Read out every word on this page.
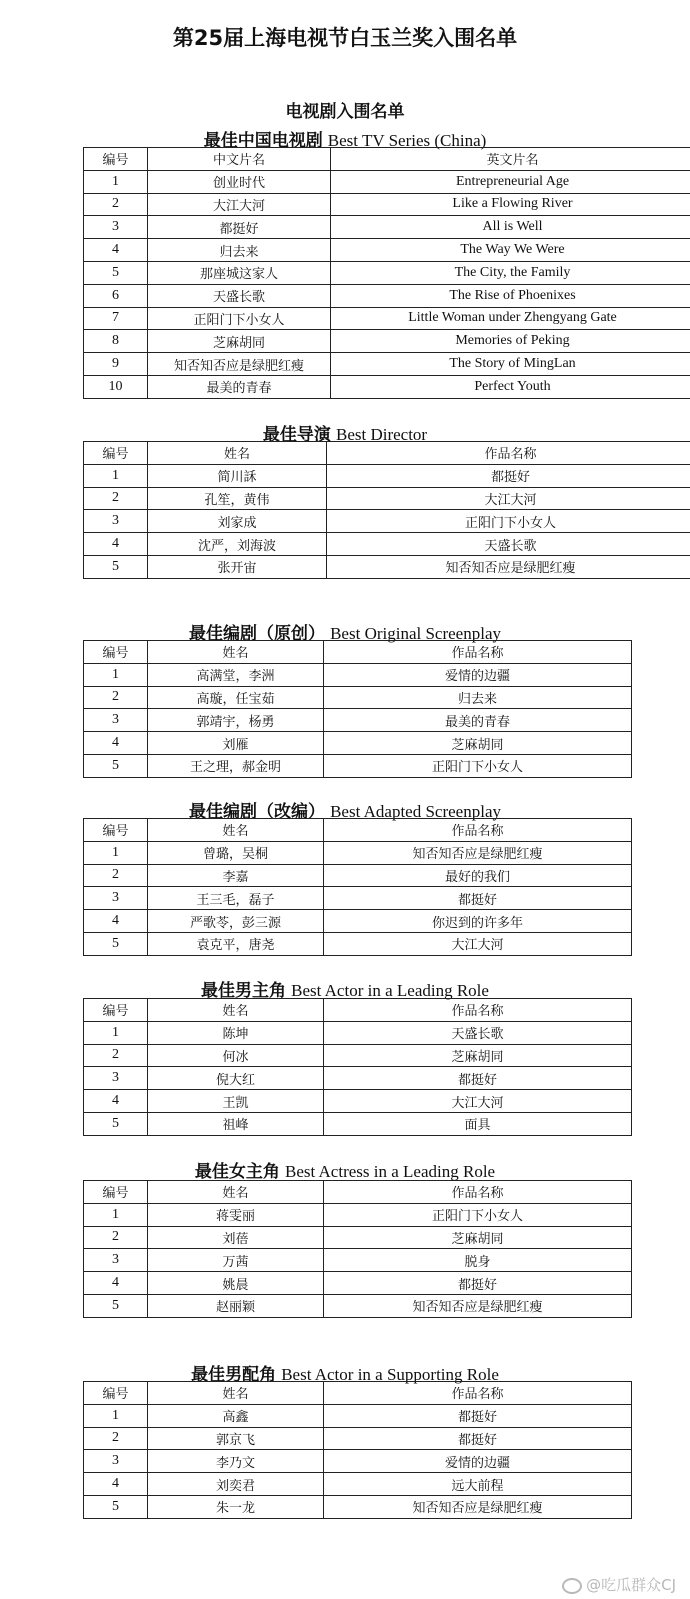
第25届上海电视节白玉兰奖入围名单
电视剧入围名单
最佳中国电视剧 Best TV Series (China)
编号	中文片名	英文片名
1	创业时代	Entrepreneurial Age
2	大江大河	Like a Flowing River
3	都挺好	All is Well
4	归去来	The Way We Were
5	那座城这家人	The City, the Family
6	天盛长歌	The Rise of Phoenixes
7	正阳门下小女人	Little Woman under Zhengyang Gate
8	芝麻胡同	Memories of Peking
9	知否知否应是绿肥红瘦	The Story of MingLan
10	最美的青春	Perfect Youth
最佳导演 Best Director
编号	姓名	作品名称
1	简川訸	都挺好
2	孔笙，黄伟	大江大河
3	刘家成	正阳门下小女人
4	沈严，刘海波	天盛长歌
5	张开宙	知否知否应是绿肥红瘦
最佳编剧（原创） Best Original Screenplay
编号	姓名	作品名称
1	高满堂，李洲	爱情的边疆
2	高璇，任宝茹	归去来
3	郭靖宇，杨勇	最美的青春
4	刘雁	芝麻胡同
5	王之理，郝金明	正阳门下小女人
最佳编剧（改编） Best Adapted Screenplay
编号	姓名	作品名称
1	曾璐，吴桐	知否知否应是绿肥红瘦
2	李嘉	最好的我们
3	王三毛，磊子	都挺好
4	严歌苓，彭三源	你迟到的许多年
5	袁克平，唐尧	大江大河
最佳男主角 Best Actor in a Leading Role
编号	姓名	作品名称
1	陈坤	天盛长歌
2	何冰	芝麻胡同
3	倪大红	都挺好
4	王凯	大江大河
5	祖峰	面具
最佳女主角 Best Actress in a Leading Role
编号	姓名	作品名称
1	蒋雯丽	正阳门下小女人
2	刘蓓	芝麻胡同
3	万茜	脱身
4	姚晨	都挺好
5	赵丽颖	知否知否应是绿肥红瘦
最佳男配角 Best Actor in a Supporting Role
编号	姓名	作品名称
1	高鑫	都挺好
2	郭京飞	都挺好
3	李乃文	爱情的边疆
4	刘奕君	远大前程
5	朱一龙	知否知否应是绿肥红瘦
@吃瓜群众CJ
